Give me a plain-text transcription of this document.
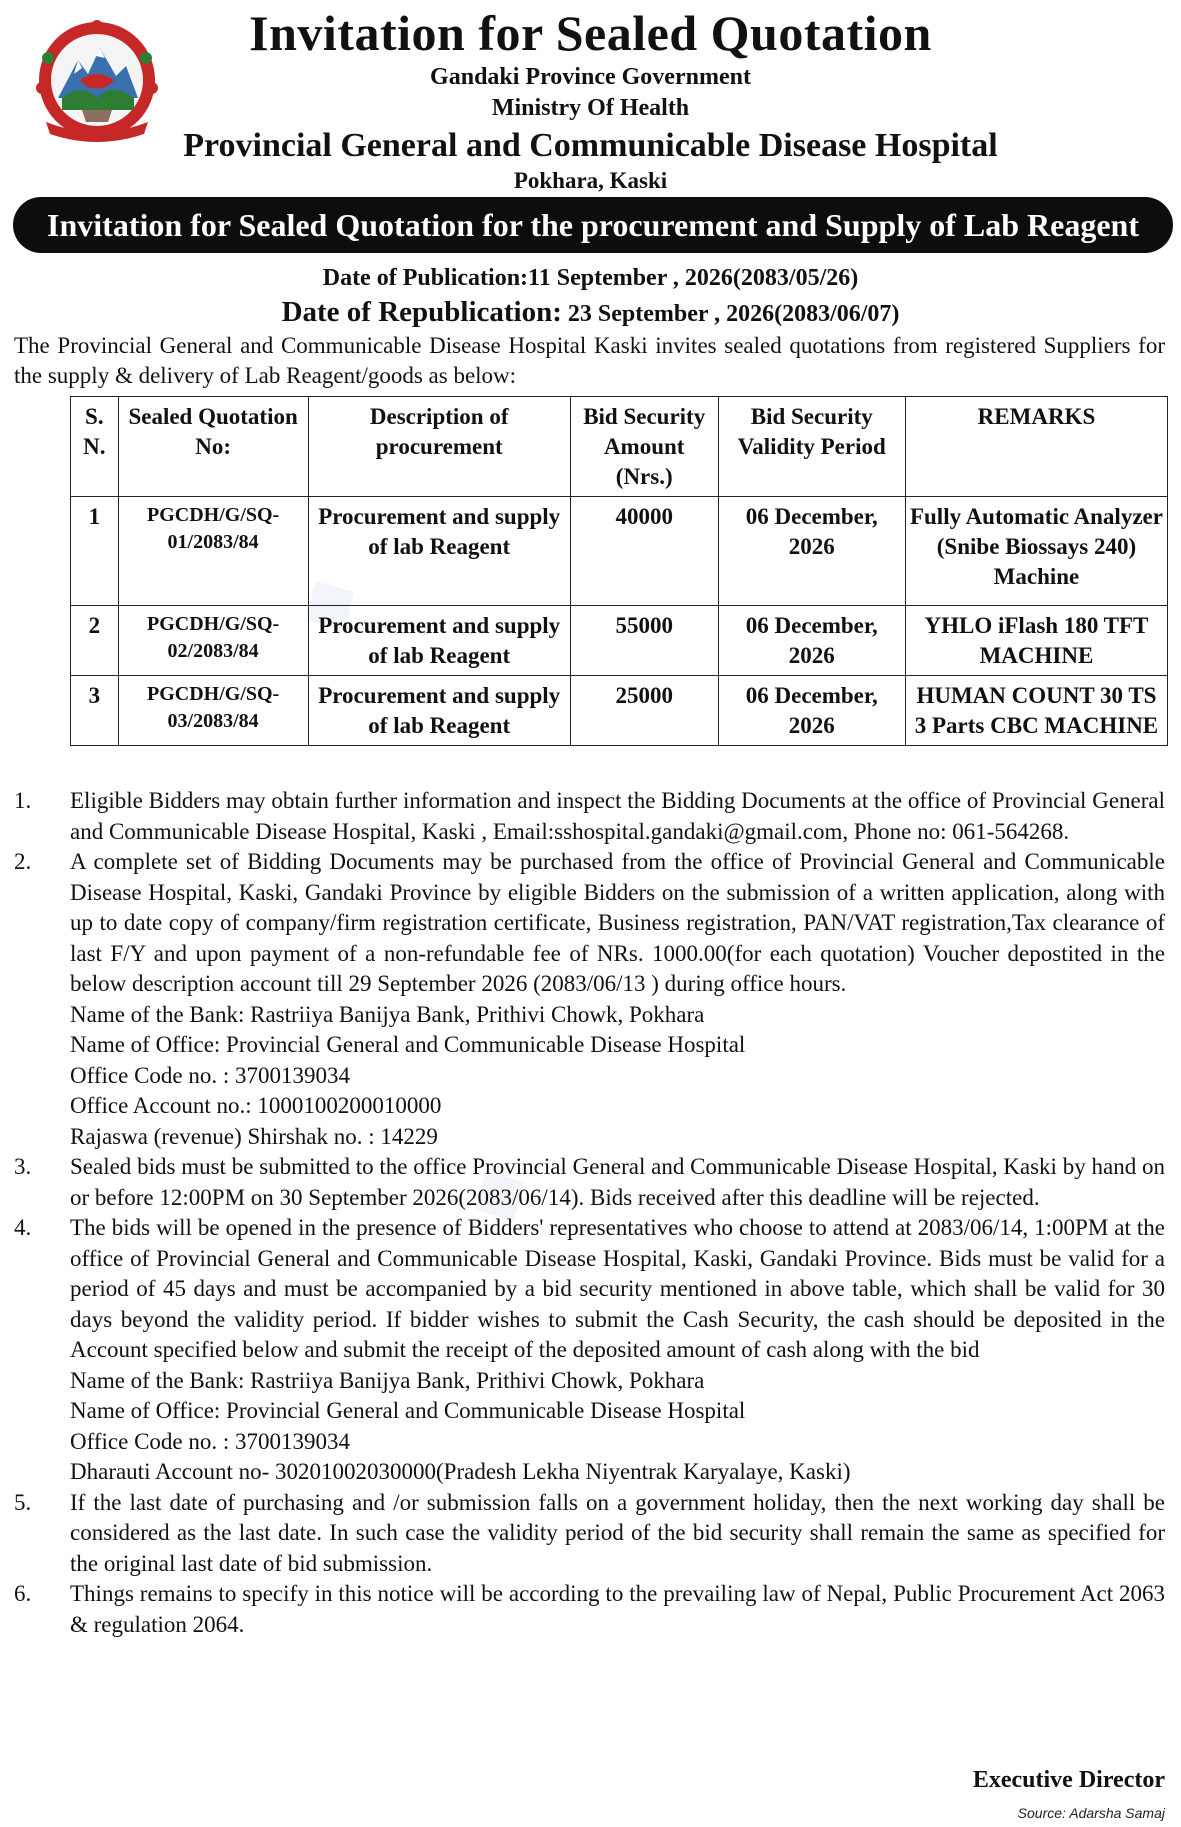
◆
◆
Invitation for Sealed Quotation
Gandaki Province Government
Ministry Of Health
Provincial General and Communicable Disease Hospital
Pokhara, Kaski
Invitation for Sealed Quotation for the procurement and Supply of Lab Reagent
Date of Publication:11 September , 2026(2083/05/26)
Date of Republication: 23 September , 2026(2083/06/07)
The Provincial General and Communicable Disease Hospital Kaski invites sealed quotations from registered Suppliers for the supply & delivery of Lab Reagent/goods as below:
S. N.	Sealed Quotation No:	Description of procurement	Bid Security Amount (Nrs.)	Bid Security Validity Period	REMARKS
1	PGCDH/G/SQ-01/2083/84	Procurement and supply of lab Reagent	40000	06 December, 2026	Fully Automatic Analyzer (Snibe Biossays 240) Machine
2	PGCDH/G/SQ-02/2083/84	Procurement and supply of lab Reagent	55000	06 December, 2026	YHLO iFlash 180 TFT MACHINE
3	PGCDH/G/SQ-03/2083/84	Procurement and supply of lab Reagent	25000	06 December, 2026	HUMAN COUNT 30 TS 3 Parts CBC MACHINE
1.	Eligible Bidders may obtain further information and inspect the Bidding Documents at the office of Provincial General and Communicable Disease Hospital, Kaski , Email:sshospital.gandaki@gmail.com, Phone no: 061-564268.
2.	A complete set of Bidding Documents may be purchased from the office of Provincial General and Communicable Disease Hospital, Kaski, Gandaki Province by eligible Bidders on the submission of a written application, along with up to date copy of company/firm registration certificate, Business registration, PAN/VAT registration,Tax clearance of last F/Y and upon payment of a non-refundable fee of NRs. 1000.00(for each quotation) Voucher depostited in the below description account till 29 September 2026 (2083/06/13 ) during office hours.
Name of the Bank: Rastriiya Banijya Bank, Prithivi Chowk, Pokhara
Name of Office: Provincial General and Communicable Disease Hospital
Office Code no. : 3700139034
Office Account no.: 1000100200010000
Rajaswa (revenue) Shirshak no. : 14229
3.	Sealed bids must be submitted to the office Provincial General and Communicable Disease Hospital, Kaski by hand on or before 12:00PM on 30 September 2026(2083/06/14). Bids received after this deadline will be rejected.
4.	The bids will be opened in the presence of Bidders' representatives who choose to attend at 2083/06/14, 1:00PM at the office of Provincial General and Communicable Disease Hospital, Kaski, Gandaki Province. Bids must be valid for a period of 45 days and must be accompanied by a bid security mentioned in above table, which shall be valid for 30 days beyond the validity period. If bidder wishes to submit the Cash Security, the cash should be deposited in the Account specified below and submit the receipt of the deposited amount of cash along with the bid
Name of the Bank: Rastriiya Banijya Bank, Prithivi Chowk, Pokhara
Name of Office: Provincial General and Communicable Disease Hospital
Office Code no. : 3700139034
Dharauti Account no- 30201002030000(Pradesh Lekha Niyentrak Karyalaye, Kaski)
5.	If the last date of purchasing and /or submission falls on a government holiday, then the next working day shall be considered as the last date. In such case the validity period of the bid security shall remain the same as specified for the original last date of bid submission.
6.	Things remains to specify in this notice will be according to the prevailing law of Nepal, Public Procurement Act 2063 & regulation 2064.
Executive Director
Source: Adarsha Samaj
